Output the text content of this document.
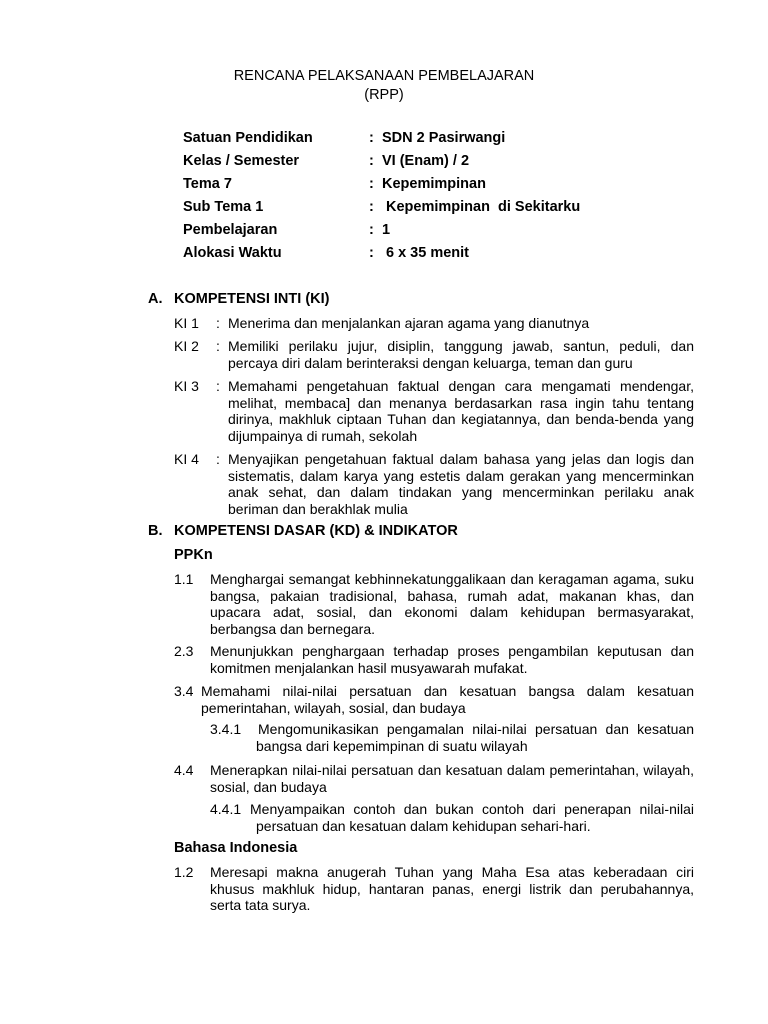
RENCANA PELAKSANAAN PEMBELAJARAN
(RPP)
Satuan Pendidikan	: SDN 2 Pasirwangi
Kelas / Semester	: VI (Enam) / 2
Tema 7	: Kepemimpinan
Sub Tema 1	: Kepemimpinan  di Sekitarku
Pembelajaran	: 1
Alokasi Waktu	: 6 x 35 menit
A. KOMPETENSI INTI (KI)
KI 1 : Menerima dan menjalankan ajaran agama yang dianutnya
KI 2 : Memiliki perilaku jujur, disiplin, tanggung jawab, santun, peduli, dan percaya diri dalam berinteraksi dengan keluarga, teman dan guru
KI 3 : Memahami pengetahuan faktual dengan cara mengamati mendengar, melihat, membaca] dan menanya berdasarkan rasa ingin tahu tentang dirinya, makhluk ciptaan Tuhan dan kegiatannya, dan benda-benda yang dijumpainya di rumah, sekolah
KI 4 : Menyajikan pengetahuan faktual dalam bahasa yang jelas dan logis dan sistematis, dalam karya yang estetis dalam gerakan yang mencerminkan anak sehat, dan dalam tindakan yang mencerminkan perilaku anak beriman dan berakhlak mulia
B. KOMPETENSI DASAR (KD) & INDIKATOR
PPKn
1.1 Menghargai semangat kebhinnekatunggalikaan dan keragaman agama, suku bangsa, pakaian tradisional, bahasa, rumah adat, makanan khas, dan upacara adat, sosial, dan ekonomi dalam kehidupan bermasyarakat, berbangsa dan bernegara.
2.3 Menunjukkan penghargaan terhadap proses pengambilan keputusan dan komitmen menjalankan hasil musyawarah mufakat.
3.4 Memahami nilai-nilai persatuan dan kesatuan bangsa dalam kesatuan pemerintahan, wilayah, sosial, dan budaya
3.4.1	Mengomunikasikan pengamalan nilai-nilai persatuan dan kesatuan bangsa dari kepemimpinan di suatu wilayah
4.4 Menerapkan nilai-nilai persatuan dan kesatuan dalam pemerintahan, wilayah, sosial, dan budaya
4.4.1 Menyampaikan contoh dan bukan contoh dari penerapan nilai-nilai persatuan dan kesatuan dalam kehidupan sehari-hari.
Bahasa Indonesia
1.2 Meresapi makna anugerah Tuhan yang Maha Esa atas keberadaan ciri khusus makhluk hidup, hantaran panas, energi listrik dan perubahannya, serta tata surya.
